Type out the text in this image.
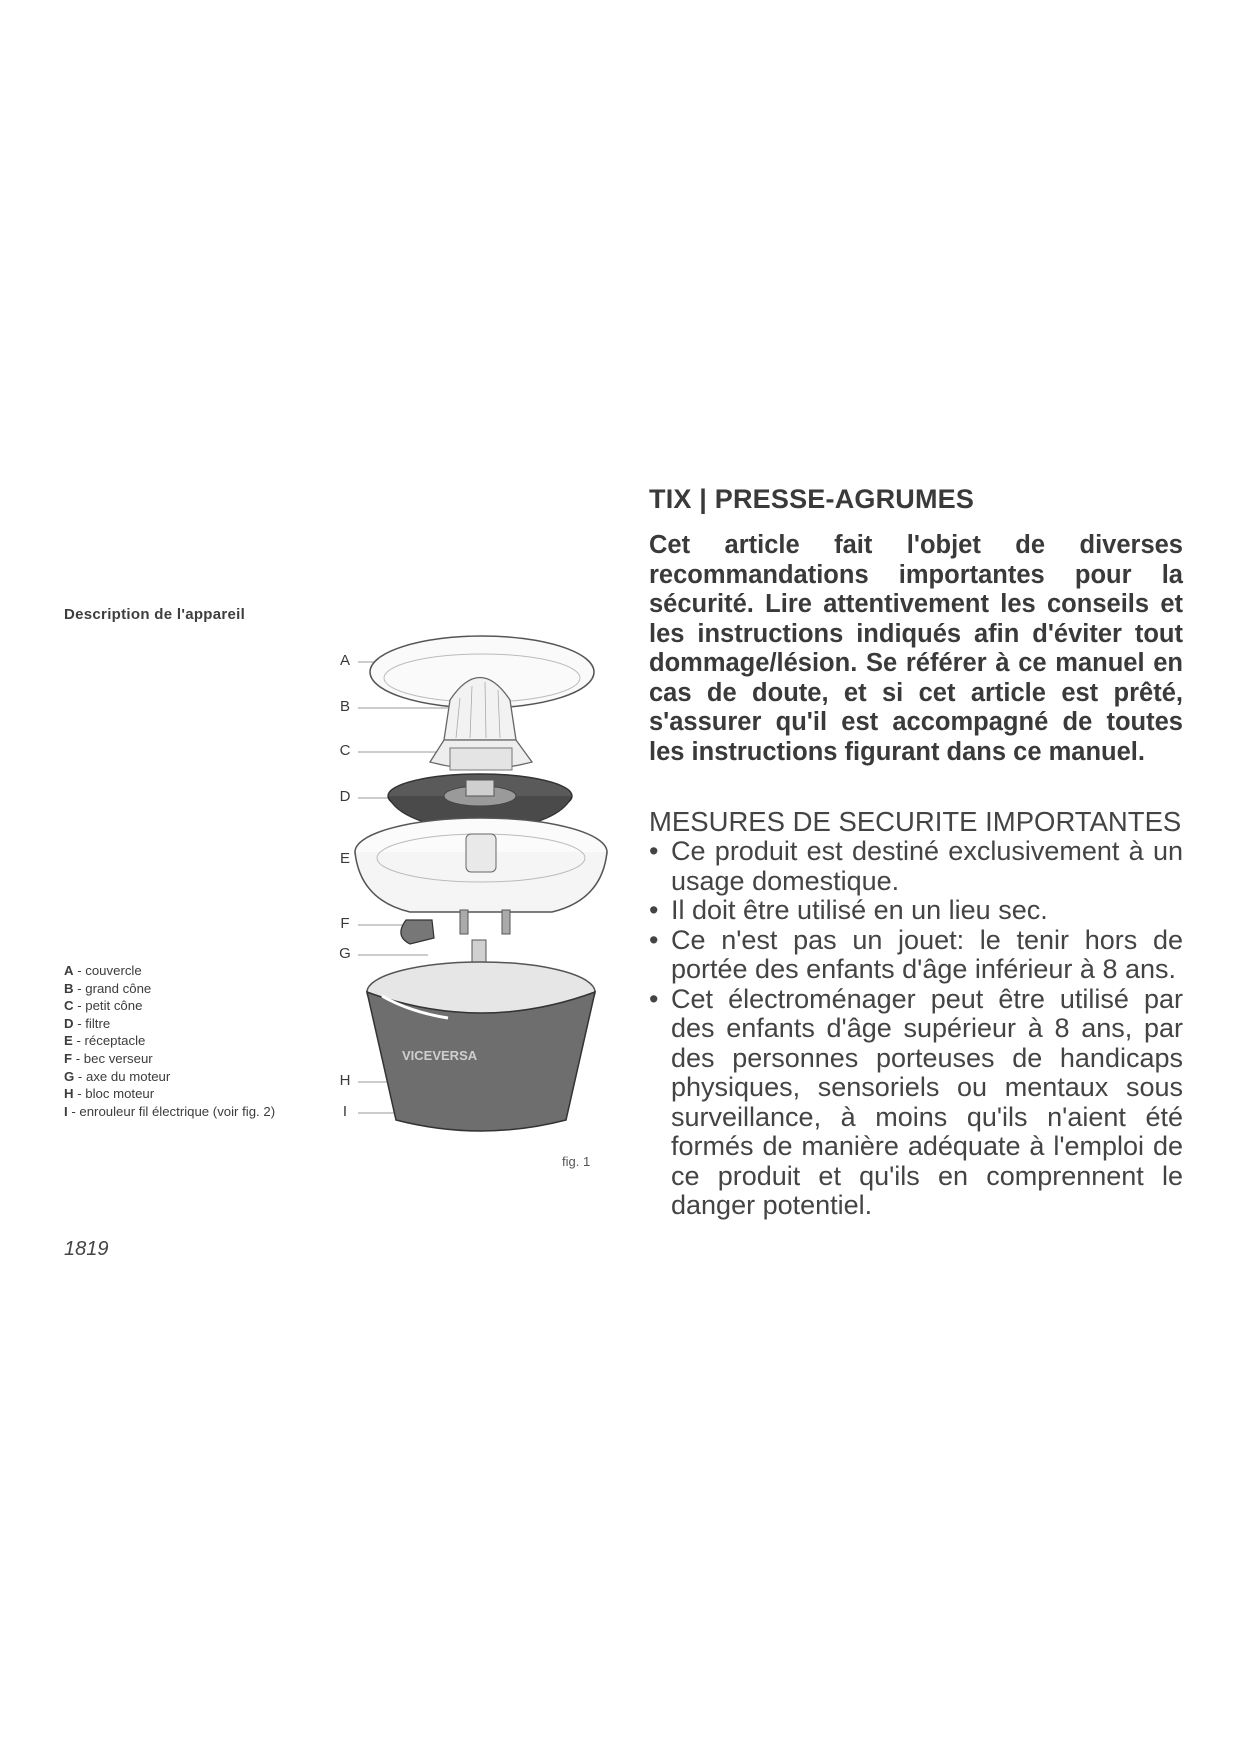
Description de l'appareil
VICEVERSA
A
B
C
D
E
F
G
H
I
A - couvercle
B - grand cône
C - petit cône
D - filtre
E - réceptacle
F - bec verseur
G - axe du moteur
H - bloc moteur
I - enrouleur fil électrique (voir fig. 2)
fig. 1
1819
TIX | PRESSE-AGRUMES

Cet article fait l'objet de diverses recommandations importantes pour la sécurité. Lire attentivement les conseils et les instructions indiqués afin d'éviter tout dommage/lésion. Se référer à ce manuel en cas de doute, et si cet article est prêté, s'assurer qu'il est accompagné de toutes les instructions figurant dans ce manuel.

MESURES DE SECURITE IMPORTANTES
• Ce produit est destiné exclusivement à un usage domestique.
• Il doit être utilisé en un lieu sec.
• Ce n'est pas un jouet: le tenir hors de portée des enfants d'âge inférieur à 8 ans.
• Cet électroménager peut être utilisé par des enfants d'âge supérieur à 8 ans, par des personnes porteuses de handicaps physiques, sensoriels ou mentaux sous surveillance, à moins qu'ils n'aient été formés de manière adéquate à l'emploi de ce produit et qu'ils en comprennent le danger potentiel.
